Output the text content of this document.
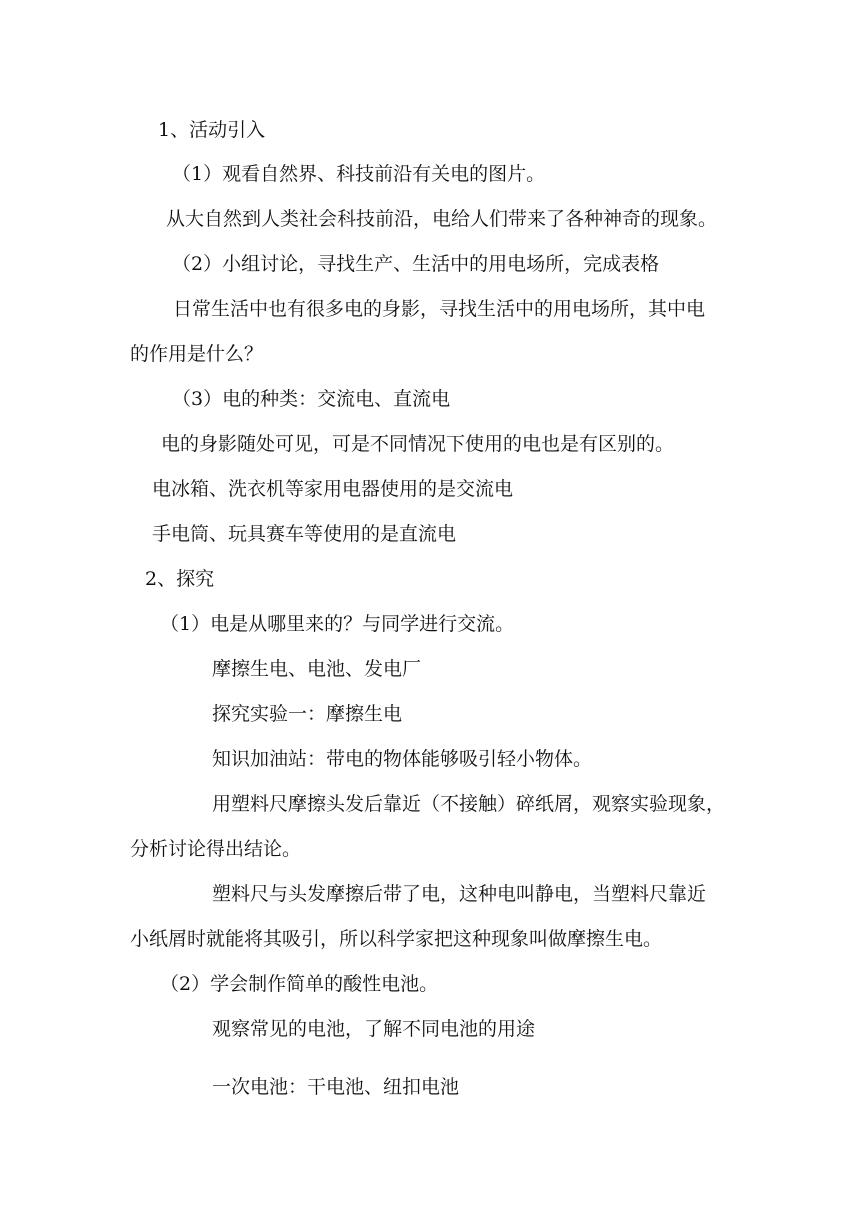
1、活动引入
（1）观看自然界、科技前沿有关电的图片。
从大自然到人类社会科技前沿，电给人们带来了各种神奇的现象。
（2）小组讨论，寻找生产、生活中的用电场所，完成表格
日常生活中也有很多电的身影，寻找生活中的用电场所，其中电
的作用是什么？
（3）电的种类：交流电、直流电
电的身影随处可见，可是不同情况下使用的电也是有区别的。
电冰箱、洗衣机等家用电器使用的是交流电
手电筒、玩具赛车等使用的是直流电
2、探究
（1）电是从哪里来的？与同学进行交流。
摩擦生电、电池、发电厂
探究实验一：摩擦生电
知识加油站：带电的物体能够吸引轻小物体。
用塑料尺摩擦头发后靠近（不接触）碎纸屑，观察实验现象，
分析讨论得出结论。
塑料尺与头发摩擦后带了电，这种电叫静电，当塑料尺靠近
小纸屑时就能将其吸引，所以科学家把这种现象叫做摩擦生电。
（2）学会制作简单的酸性电池。
观察常见的电池，了解不同电池的用途
一次电池：干电池、纽扣电池
